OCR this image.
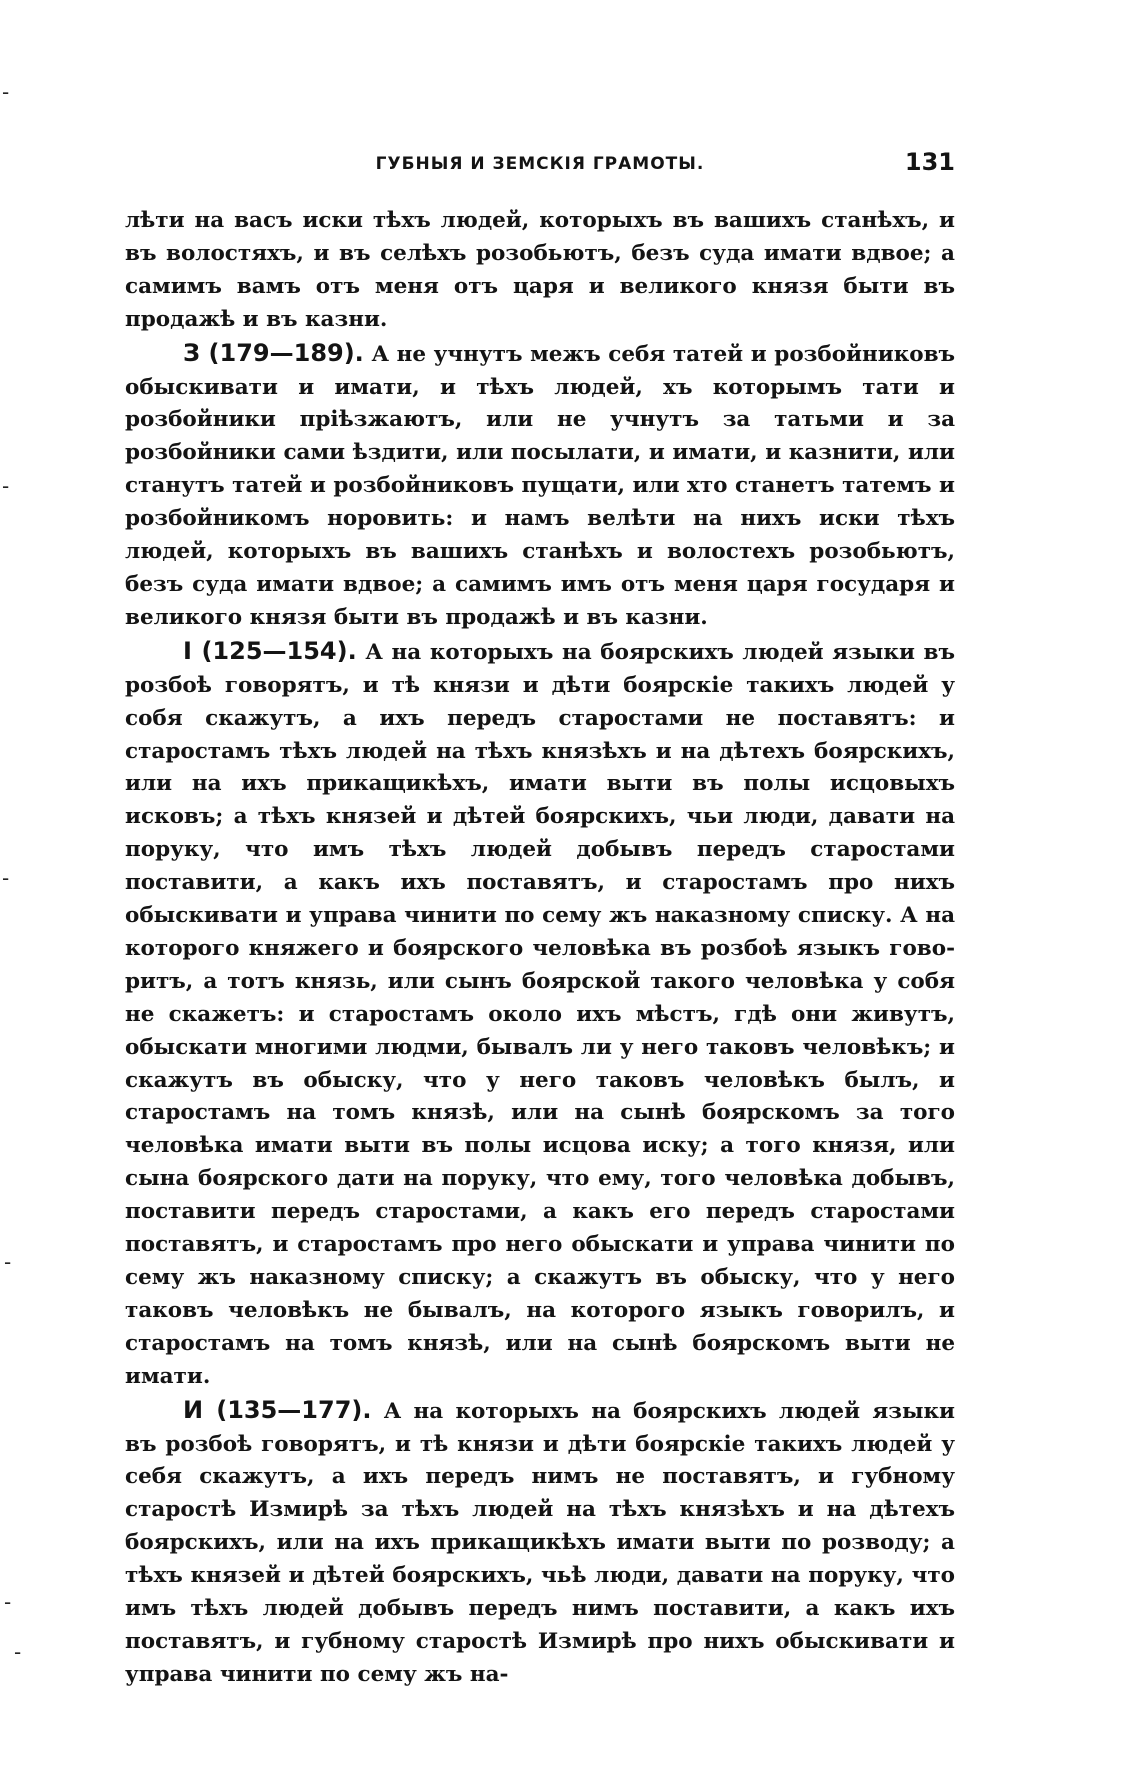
ГУБНЫЯ И ЗЕМСКІЯ ГРАМОТЫ.	131

лѣти на васъ иски тѣхъ людей, которыхъ въ вашихъ станѣхъ, и въ волостяхъ, и въ селѣхъ розобьютъ, безъ суда имати вдвое; а самимъ вамъ отъ меня отъ царя и великого князя быти въ продажѣ и въ казни.

З (179—189). А не учнутъ межъ себя татей и розбойниковъ обыскивати и имати, и тѣхъ людей, хъ которымъ тати и розбойники пріѣзжаютъ, или не учнутъ за татьми и за розбойники сами ѣздити, или посылати, и имати, и казнити, или станутъ татей и розбойниковъ пущати, или хто станетъ татемъ и розбойникомъ норовить: и намъ велѣти на нихъ иски тѣхъ людей, которыхъ въ вашихъ станѣхъ и волостехъ розобьютъ, безъ суда имати вдвое; а самимъ имъ отъ меня царя государя и великого князя быти въ продажѣ и въ казни.

І (125—154). А на которыхъ на боярскихъ людей языки въ розбоѣ говорятъ, и тѣ князи и дѣти боярскіе такихъ людей у собя скажутъ, а ихъ передъ старостами не поставятъ: и старостамъ тѣхъ людей на тѣхъ князѣхъ и на дѣтехъ боярскихъ, или на ихъ прикащикѣхъ, имати выти въ полы исцовыхъ исковъ; а тѣхъ князей и дѣтей боярскихъ, чьи люди, давати на поруку, что имъ тѣхъ людей добывъ передъ старостами поставити, а какъ ихъ поставятъ, и старостамъ про нихъ обыскивати и управа чинити по сему жъ наказному списку. А на которого княжего и боярского человѣка въ розбоѣ языкъ говоритъ, а тотъ князь, или сынъ боярской такого человѣка у собя не скажетъ: и старостамъ около ихъ мѣстъ, гдѣ они живутъ, обыскати многими людми, бывалъ ли у него таковъ человѣкъ; и скажутъ въ обыску, что у него таковъ человѣкъ былъ, и старостамъ на томъ князѣ, или на сынѣ боярскомъ за того человѣка имати выти въ полы исцова иску; а того князя, или сына боярского дати на поруку, что ему, того человѣка добывъ, поставити передъ старостами, а какъ его передъ старостами поставятъ, и старостамъ про него обыскати и управа чинити по сему жъ наказному списку; а скажутъ въ обыску, что у него таковъ человѣкъ не бывалъ, на которого языкъ говорилъ, и старостамъ на томъ князѣ, или на сынѣ боярскомъ выти не имати.

И (135—177). А на которыхъ на боярскихъ людей языки въ розбоѣ говорятъ, и тѣ князи и дѣти боярскіе такихъ людей у себя скажутъ, а ихъ передъ нимъ не поставятъ, и губному старостѣ Измирѣ за тѣхъ людей на тѣхъ князѣхъ и на дѣтехъ боярскихъ, или на ихъ прикащикѣхъ имати выти по розводу; а тѣхъ князей и дѣтей боярскихъ, чьѣ люди, давати на поруку, что имъ тѣхъ людей добывъ передъ нимъ поставити, а какъ ихъ поставятъ, и губному старостѣ Измирѣ про нихъ обыскивати и управа чинити по сему жъ на-

-
-
-
-
-
-
